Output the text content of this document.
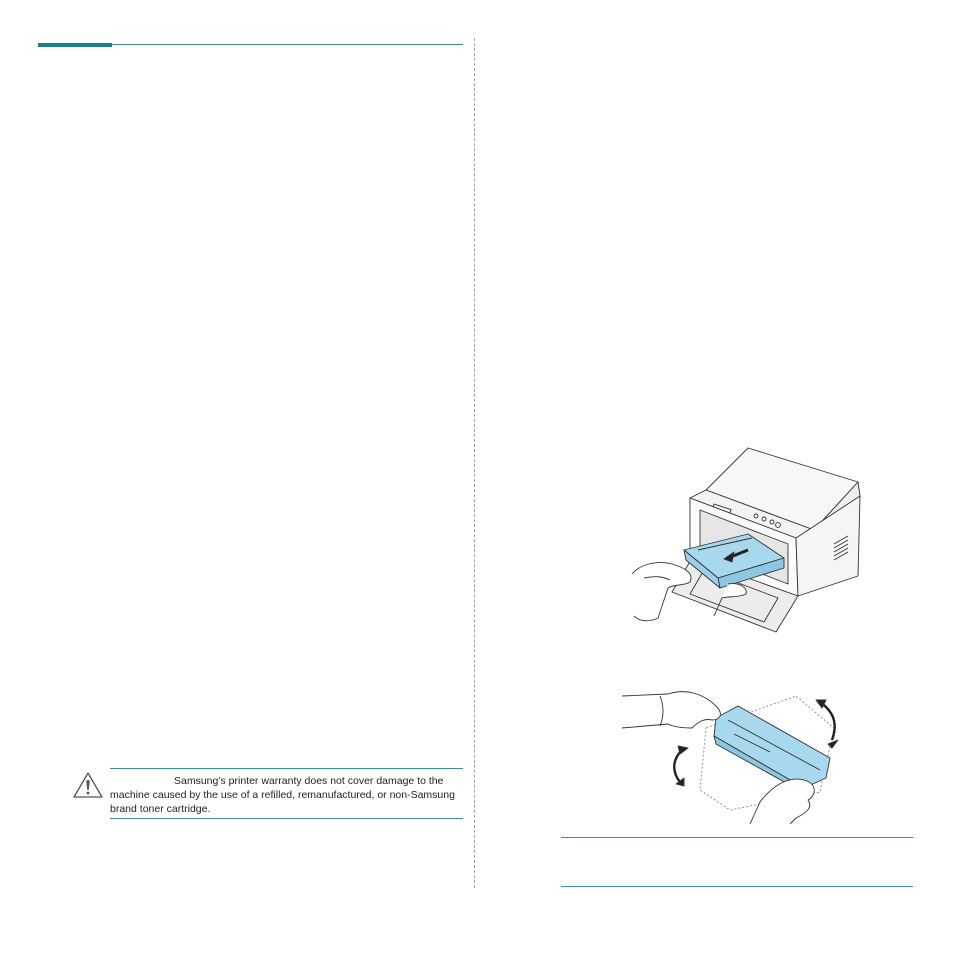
Samsung’s printer warranty does not cover damage to the machine caused by the use of a refilled, remanufactured, or non-Samsung brand toner cartridge.
